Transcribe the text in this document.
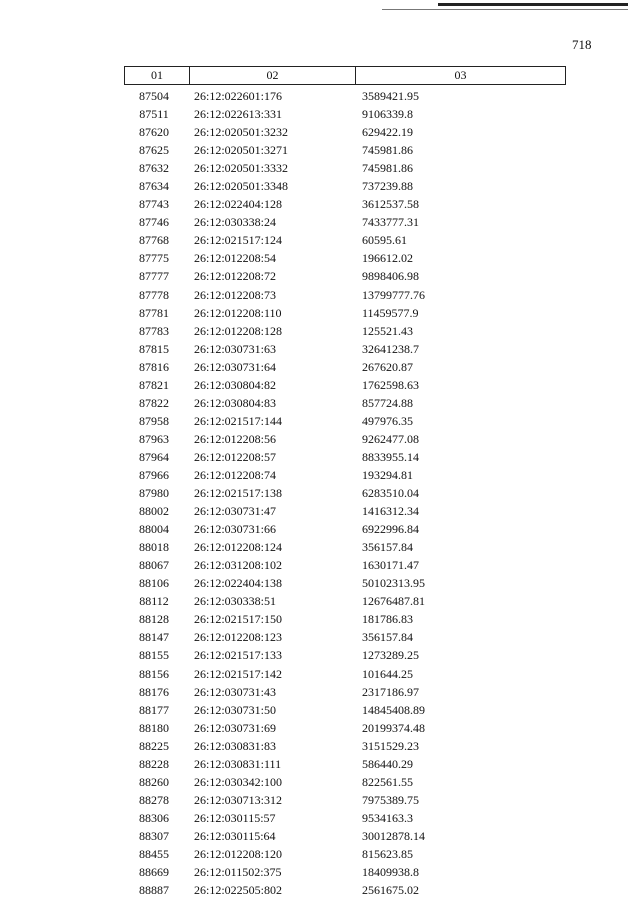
718
01	02	03
87504	26:12:022601:176	3589421.95
87511	26:12:022613:331	9106339.8
87620	26:12:020501:3232	629422.19
87625	26:12:020501:3271	745981.86
87632	26:12:020501:3332	745981.86
87634	26:12:020501:3348	737239.88
87743	26:12:022404:128	3612537.58
87746	26:12:030338:24	7433777.31
87768	26:12:021517:124	60595.61
87775	26:12:012208:54	196612.02
87777	26:12:012208:72	9898406.98
87778	26:12:012208:73	13799777.76
87781	26:12:012208:110	11459577.9
87783	26:12:012208:128	125521.43
87815	26:12:030731:63	32641238.7
87816	26:12:030731:64	267620.87
87821	26:12:030804:82	1762598.63
87822	26:12:030804:83	857724.88
87958	26:12:021517:144	497976.35
87963	26:12:012208:56	9262477.08
87964	26:12:012208:57	8833955.14
87966	26:12:012208:74	193294.81
87980	26:12:021517:138	6283510.04
88002	26:12:030731:47	1416312.34
88004	26:12:030731:66	6922996.84
88018	26:12:012208:124	356157.84
88067	26:12:031208:102	1630171.47
88106	26:12:022404:138	50102313.95
88112	26:12:030338:51	12676487.81
88128	26:12:021517:150	181786.83
88147	26:12:012208:123	356157.84
88155	26:12:021517:133	1273289.25
88156	26:12:021517:142	101644.25
88176	26:12:030731:43	2317186.97
88177	26:12:030731:50	14845408.89
88180	26:12:030731:69	20199374.48
88225	26:12:030831:83	3151529.23
88228	26:12:030831:111	586440.29
88260	26:12:030342:100	822561.55
88278	26:12:030713:312	7975389.75
88306	26:12:030115:57	9534163.3
88307	26:12:030115:64	30012878.14
88455	26:12:012208:120	815623.85
88669	26:12:011502:375	18409938.8
88887	26:12:022505:802	2561675.02
